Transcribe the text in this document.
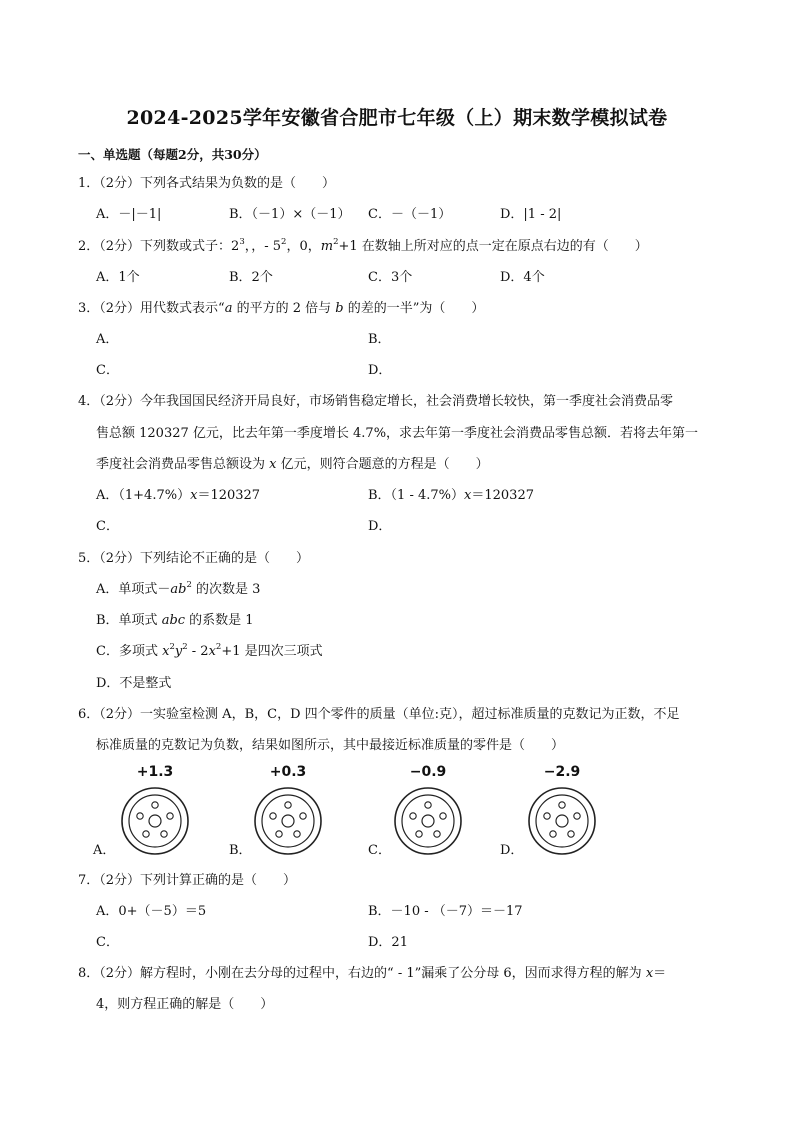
2024-2025学年安徽省合肥市七年级（上）期末数学模拟试卷
一、单选题（每题2分，共30分）
1．（2分）下列各式结果为负数的是（　　）
A．－|－1|	B．（－1）×（－1） C．－（－1）	D．|1 - 2|
2．（2分）下列数或式子：$2^3$，，- $5^2$，0，$m^2+1$ 在数轴上所对应的点一定在原点右边的有（　　）
A．1个	B．2个	C．3个	D．4个
3．（2分）用代数式表示“a 的平方的 2 倍与 b 的差的一半”为（　　）
A．	B．
C．	D．
4．（2分）今年我国国民经济开局良好，市场销售稳定增长，社会消费增长较快，第一季度社会消费品零
售总额 120327 亿元，比去年第一季度增长 4.7%，求去年第一季度社会消费品零售总额．若将去年第一
季度社会消费品零售总额设为 x 亿元，则符合题意的方程是（　　）
A．（1+4.7%）x＝120327	B．（1 - 4.7%）x＝120327
C．	D．
5．（2分）下列结论不正确的是（　　）
A．单项式$-ab^2$ 的次数是 3
B．单项式 abc 的系数是 1
C．多项式 $x^2y^2 - 2x^2+1$ 是四次三项式
D．不是整式
6．（2分）一实验室检测 A，B，C，D 四个零件的质量（单位:克），超过标准质量的克数记为正数，不足
标准质量的克数记为负数，结果如图所示，其中最接近标准质量的零件是（　　）
+1.3	+0.3	−0.9	−2.9
A．	B．	C．	D．
7．（2分）下列计算正确的是（　　）
A．0+（－5）＝5	B．－10 - （－7）＝－17
C．	D．21
8．（2分）解方程时，小刚在去分母的过程中，右边的“ - 1”漏乘了公分母 6，因而求得方程的解为 x＝
4，则方程正确的解是（　　）
